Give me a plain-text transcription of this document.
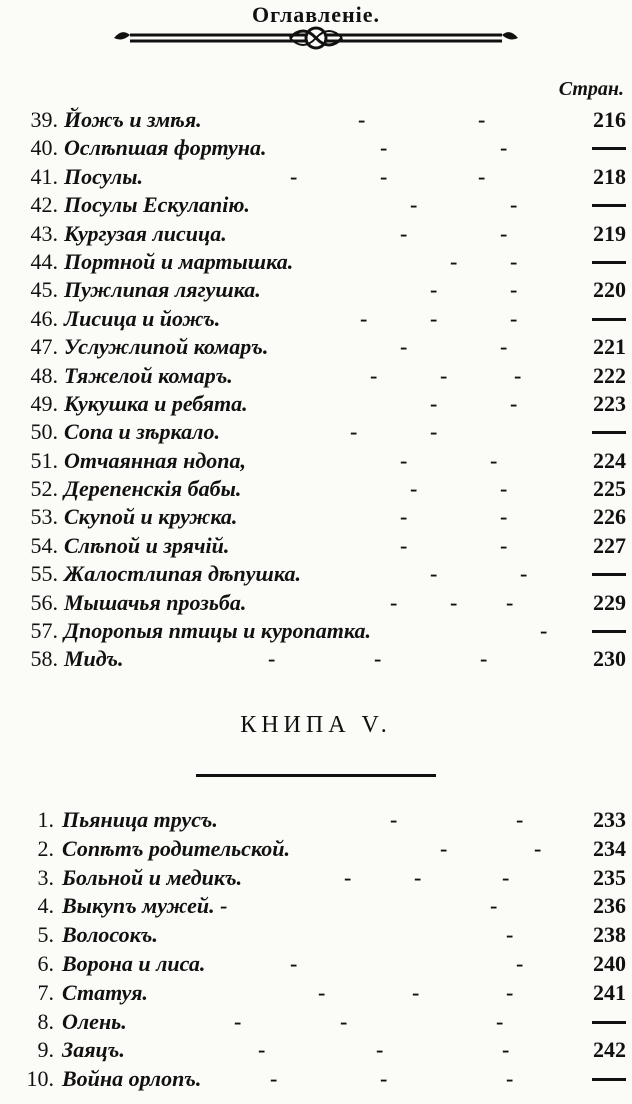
Оглавленіе.
Стран.
39. Йожъ и змѣя.	-	-	216
40. Ослѣпшая фортуна.	-	-
41. Посулы.	-	-	-	218
42. Посулы Ескулапію.	-	-
43. Кургузая лисица.	-	-	219
44. Портной и мартышка.	- -
45. Пужлипая лягушка.	-	-	220
46. Лисица и йожъ.	-	-	-
47. Услужлипой комаръ.	-	-	221
48. Тяжелой комаръ.	-	-	-	222
49. Кукушка и ребята.	-	-	223
50. Сопа и зѣркало.	-	-
51. Отчаянная ндопа,	-	-	224
52. Дерепенскія бабы.	-	-	225
53. Скупой и кружка.	-	-	226
54. Слѣпой и зрячій.	-	-	227
55. Жалостлипая дѣпушка.	-	-
56. Мышачья прозьба.	- - -	229
57. Дпоропыя птицы и куропатка.	-
58. Мидъ.	-	-	-	230
КНИПА V.
1. Пьяница трусъ.	-	-	233
2. Сопѣтъ родительской.	-	- 234
3. Больной и медикъ.	-	-	-	235
4. Выкупъ мужей. -	-	236
5. Волосокъ.	-	238
6. Ворона и лиса.	-	-	240
7. Статуя.	-	-	-	241
8. Олень.	-	-	-
9. Заяцъ.	-	-	-	242
10. Война орлопъ.	-	-	-
